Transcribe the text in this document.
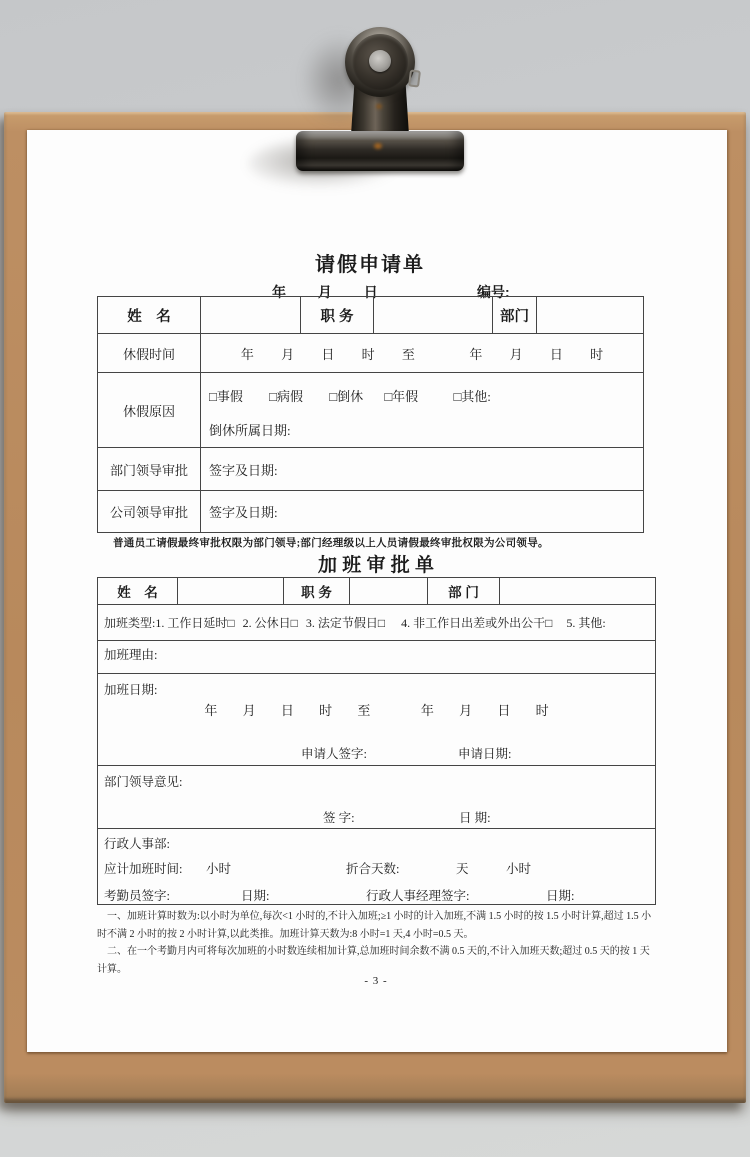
请假申请单
年 月 日	编号:
姓　名		职 务		部门	
休假时间	年 月 日 时 至  年 月 日 时				

休假原因	□事假 □病假 □倒休 □年假 □其他:
倒休所属日期:				

部门领导审批	签字及日期:				
公司领导审批	签字及日期:				
普通员工请假最终审批权限为部门领导;部门经理级以上人员请假最终审批权限为公司领导。
加 班 审 批 单
姓　名		职 务		部 门	
加班类型:1. 工作日延时□ 2. 公休日□ 3. 法定节假日□ 4. 非工作日出差或外出公干□ 5. 其他:
加班理由:

加班日期:
年 月 日 时 至  年 月 日 时
申请人签字:	申请日期:

部门领导意见:
签 字:	日 期:

行政人事部:
应计加班时间: 小时	折合天数:	天	小时
考勤员签字:	日期:	行政人事经理签字:	日期:

一、加班计算时数为:以小时为单位,每次<1 小时的,不计入加班;≥1 小时的计入加班,不满 1.5 小时的按 1.5 小时计算,超过 1.5 小时不满 2 小时的按 2 小时计算,以此类推。加班计算天数为:8 小时=1 天,4 小时=0.5 天。

二、在一个考勤月内可将每次加班的小时数连续相加计算,总加班时间余数不满 0.5 天的,不计入加班天数;超过 0.5 天的按 1 天计算。

- 3 -
